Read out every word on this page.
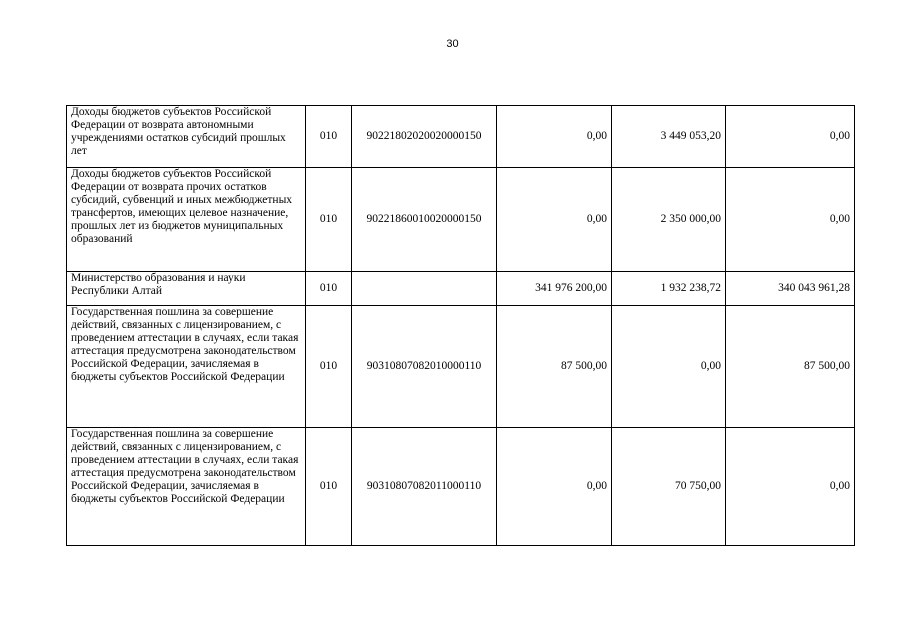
30
Доходы бюджетов субъектов Российской Федерации от возврата автономными учреждениями остатков субсидий прошлых лет	010	90221802020020000150	0,00	3 449 053,20	0,00
Доходы бюджетов субъектов Российской Федерации от возврата прочих остатков субсидий, субвенций и иных межбюджетных трансфертов, имеющих целевое назначение, прошлых лет из бюджетов муниципальных образований	010	90221860010020000150	0,00	2 350 000,00	0,00
Министерство образования и науки Республики Алтай	010		341 976 200,00	1 932 238,72	340 043 961,28
Государственная пошлина за совершение действий, связанных с лицензированием, с проведением аттестации в случаях, если такая аттестация предусмотрена законодательством Российской Федерации, зачисляемая в бюджеты субъектов Российской Федерации	010	90310807082010000110	87 500,00	0,00	87 500,00
Государственная пошлина за совершение действий, связанных с лицензированием, с проведением аттестации в случаях, если такая аттестация предусмотрена законодательством Российской Федерации, зачисляемая в бюджеты субъектов Российской Федерации	010	90310807082011000110	0,00	70 750,00	0,00
